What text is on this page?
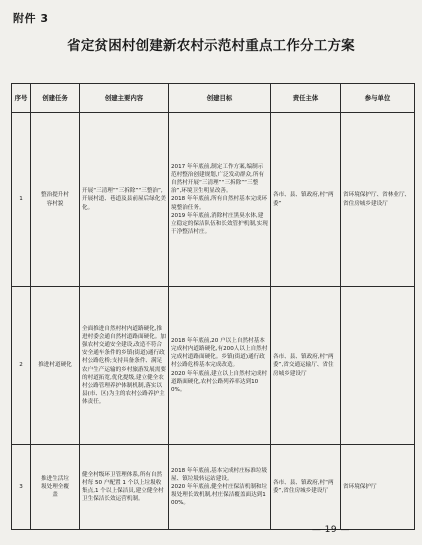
附件 3
省定贫困村创建新农村示范村重点工作分工方案
序号	创建任务	创建主要内容	创建目标	责任主体	参与单位
1	整治提升村
容村貌	开展“三清理”“三拆除”“三整治”,开展村道、巷道及县前屋后绿化美化。	2017 年年底前,制定工作方案,编制示范村整治创建规划,广泛发动群众,所有自然村开展“三清理”“三拆除”“三整治”,环境卫生明显改善。
2018 年年底前,所有自然村基本完成环境整治任务。
2019 年年底前,消除村庄黑臭水体,建立稳定的保洁队伍和长效管护机制,实现干净整洁村庄。	各市、县、镇政府,村“两委”	省环境保护厅、省林业厅、省住房城乡建设厅
2	推进村道硬化	全面推进自然村村内道路硬化,推进村委会通自然村道路面硬化。加强农村交通安全建设,改造不符合安全通车条件的乡镇(街道)通行政村公路危桥;支持具备条件、满足农户生产运输的乡村旅游发展需要的村道拓宽,优化提级,建立健全农村公路管理养护体制机制,落实以县(市、区)为主的农村公路养护主体责任。	2018 年年底前,20 户以上自然村基本完成村内道路硬化,有200人以上自然村完成村道路面硬化。乡镇(街道)通行政村公路危桥基本完成改造。
2020 年年底前,建立以上自然村完成村道路面硬化,农村公路列养率达到100%。	各市、县、镇政府,村“两委”,省交通运输厅、省住房城乡建设厅	
3	推进生活垃
圾处理全覆
盖	健全村级环卫管理体系,所有自然村每 50 户配置 1 个以上垃圾收集点,1 个以上保洁员,建立健全村卫生保洁长效运营机制。	2018 年年底前,基本完成村庄标准垃圾屋、镇垃圾转运站建设。
2020 年年底前,健全村庄保洁机制和垃圾处理长效机制,村庄保洁覆盖面达到100%。	各市、县、镇政府,村“两委”,省住房城乡建设厅	省环境保护厅
— 19 —
